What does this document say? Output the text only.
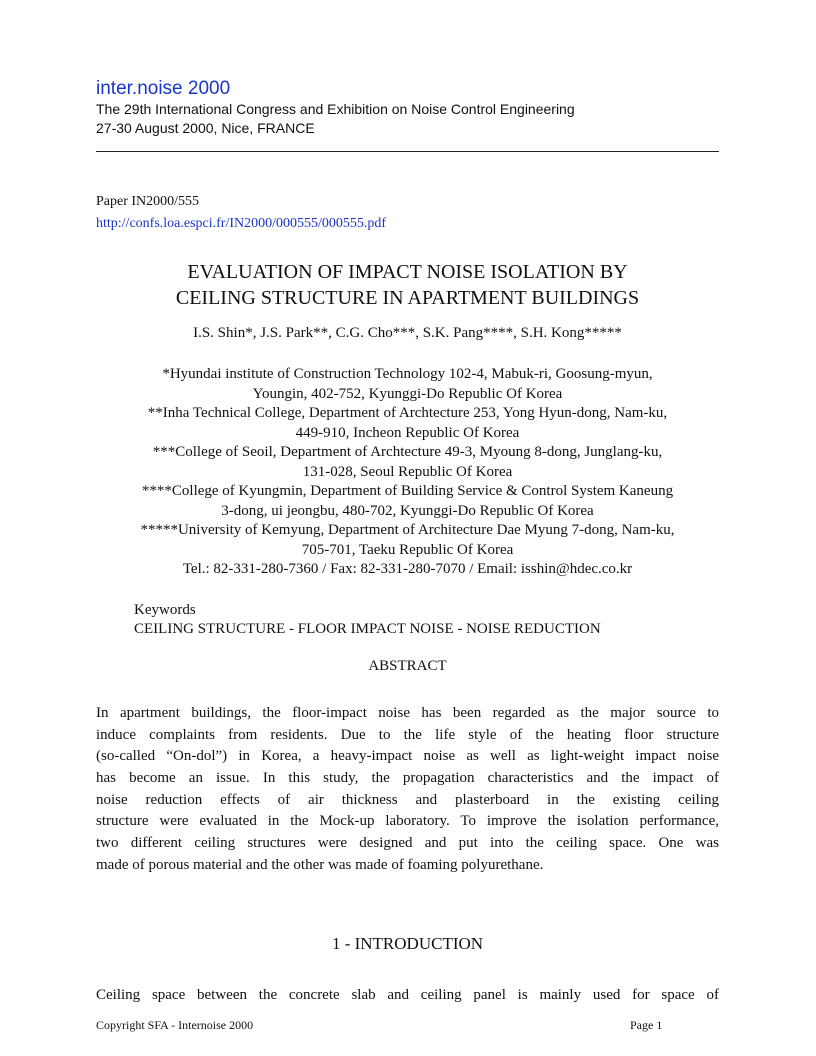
inter.noise 2000
The 29th International Congress and Exhibition on Noise Control Engineering
27-30 August 2000, Nice, FRANCE
Paper IN2000/555
http://confs.loa.espci.fr/IN2000/000555/000555.pdf
EVALUATION OF IMPACT NOISE ISOLATION BY
CEILING STRUCTURE IN APARTMENT BUILDINGS
I.S. Shin*, J.S. Park**, C.G. Cho***, S.K. Pang****, S.H. Kong*****
*Hyundai institute of Construction Technology 102-4, Mabuk-ri, Goosung-myun,
Youngin, 402-752, Kyunggi-Do Republic Of Korea
**Inha Technical College, Department of Archtecture 253, Yong Hyun-dong, Nam-ku,
449-910, Incheon Republic Of Korea
***College of Seoil, Department of Archtecture 49-3, Myoung 8-dong, Junglang-ku,
131-028, Seoul Republic Of Korea
****College of Kyungmin, Department of Building Service & Control System Kaneung
3-dong, ui jeongbu, 480-702, Kyunggi-Do Republic Of Korea
*****University of Kemyung, Department of Architecture Dae Myung 7-dong, Nam-ku,
705-701, Taeku Republic Of Korea
Tel.: 82-331-280-7360 / Fax: 82-331-280-7070 / Email: isshin@hdec.co.kr
Keywords
CEILING STRUCTURE - FLOOR IMPACT NOISE - NOISE REDUCTION
ABSTRACT
In apartment buildings, the floor-impact noise has been regarded as the major source to
induce complaints from residents. Due to the life style of the heating floor structure
(so-called “On-dol”) in Korea, a heavy-impact noise as well as light-weight impact noise
has become an issue. In this study, the propagation characteristics and the impact of
noise reduction effects of air thickness and plasterboard in the existing ceiling
structure were evaluated in the Mock-up laboratory. To improve the isolation performance,
two different ceiling structures were designed and put into the ceiling space. One was
made of porous material and the other was made of foaming polyurethane.
1 - INTRODUCTION
Ceiling space between the concrete slab and ceiling panel is mainly used for space of
Copyright SFA - Internoise 2000	Page 1
